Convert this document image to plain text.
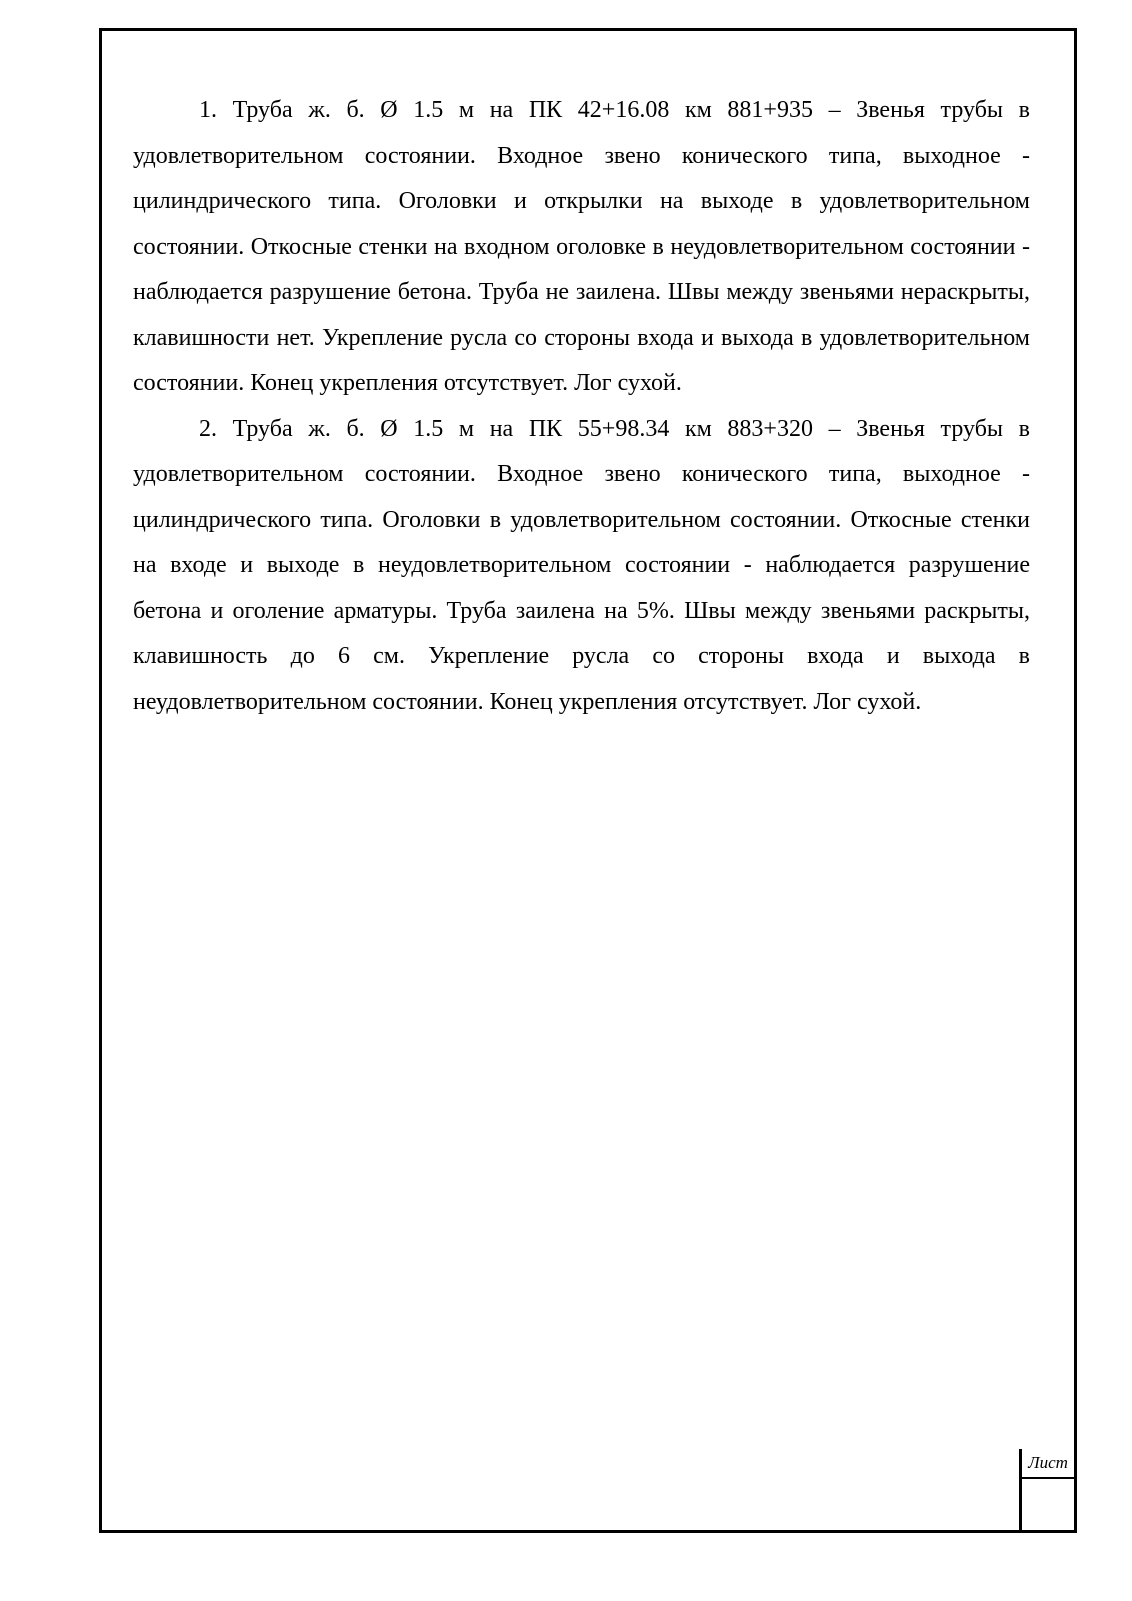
Лист

1. Труба ж. б. Ø 1.5 м на ПК 42+16.08 км 881+935 – Звенья трубы в удовлетворительном состоянии. Входное звено конического типа, выходное - цилиндрического типа. Оголовки и открылки на выходе в удовлетворительном состоянии. Откосные стенки на входном оголовке в неудовлетворительном состоянии - наблюдается разрушение бетона. Труба не заилена. Швы между звеньями нераскрыты, клавишности нет. Укрепление русла со стороны входа и выхода в удовлетворительном состоянии. Конец укрепления отсутствует. Лог сухой.

2. Труба ж. б. Ø 1.5 м на ПК 55+98.34 км 883+320 – Звенья трубы в удовлетворительном состоянии. Входное звено конического типа, выходное - цилиндрического типа. Оголовки в удовлетворительном состоянии. Откосные стенки на входе и выходе в неудовлетворительном состоянии - наблюдается разрушение бетона и оголение арматуры. Труба заилена на 5%. Швы между звеньями раскрыты, клавишность до 6 см. Укрепление русла со стороны входа и выхода в неудовлетворительном состоянии. Конец укрепления отсутствует. Лог сухой.
